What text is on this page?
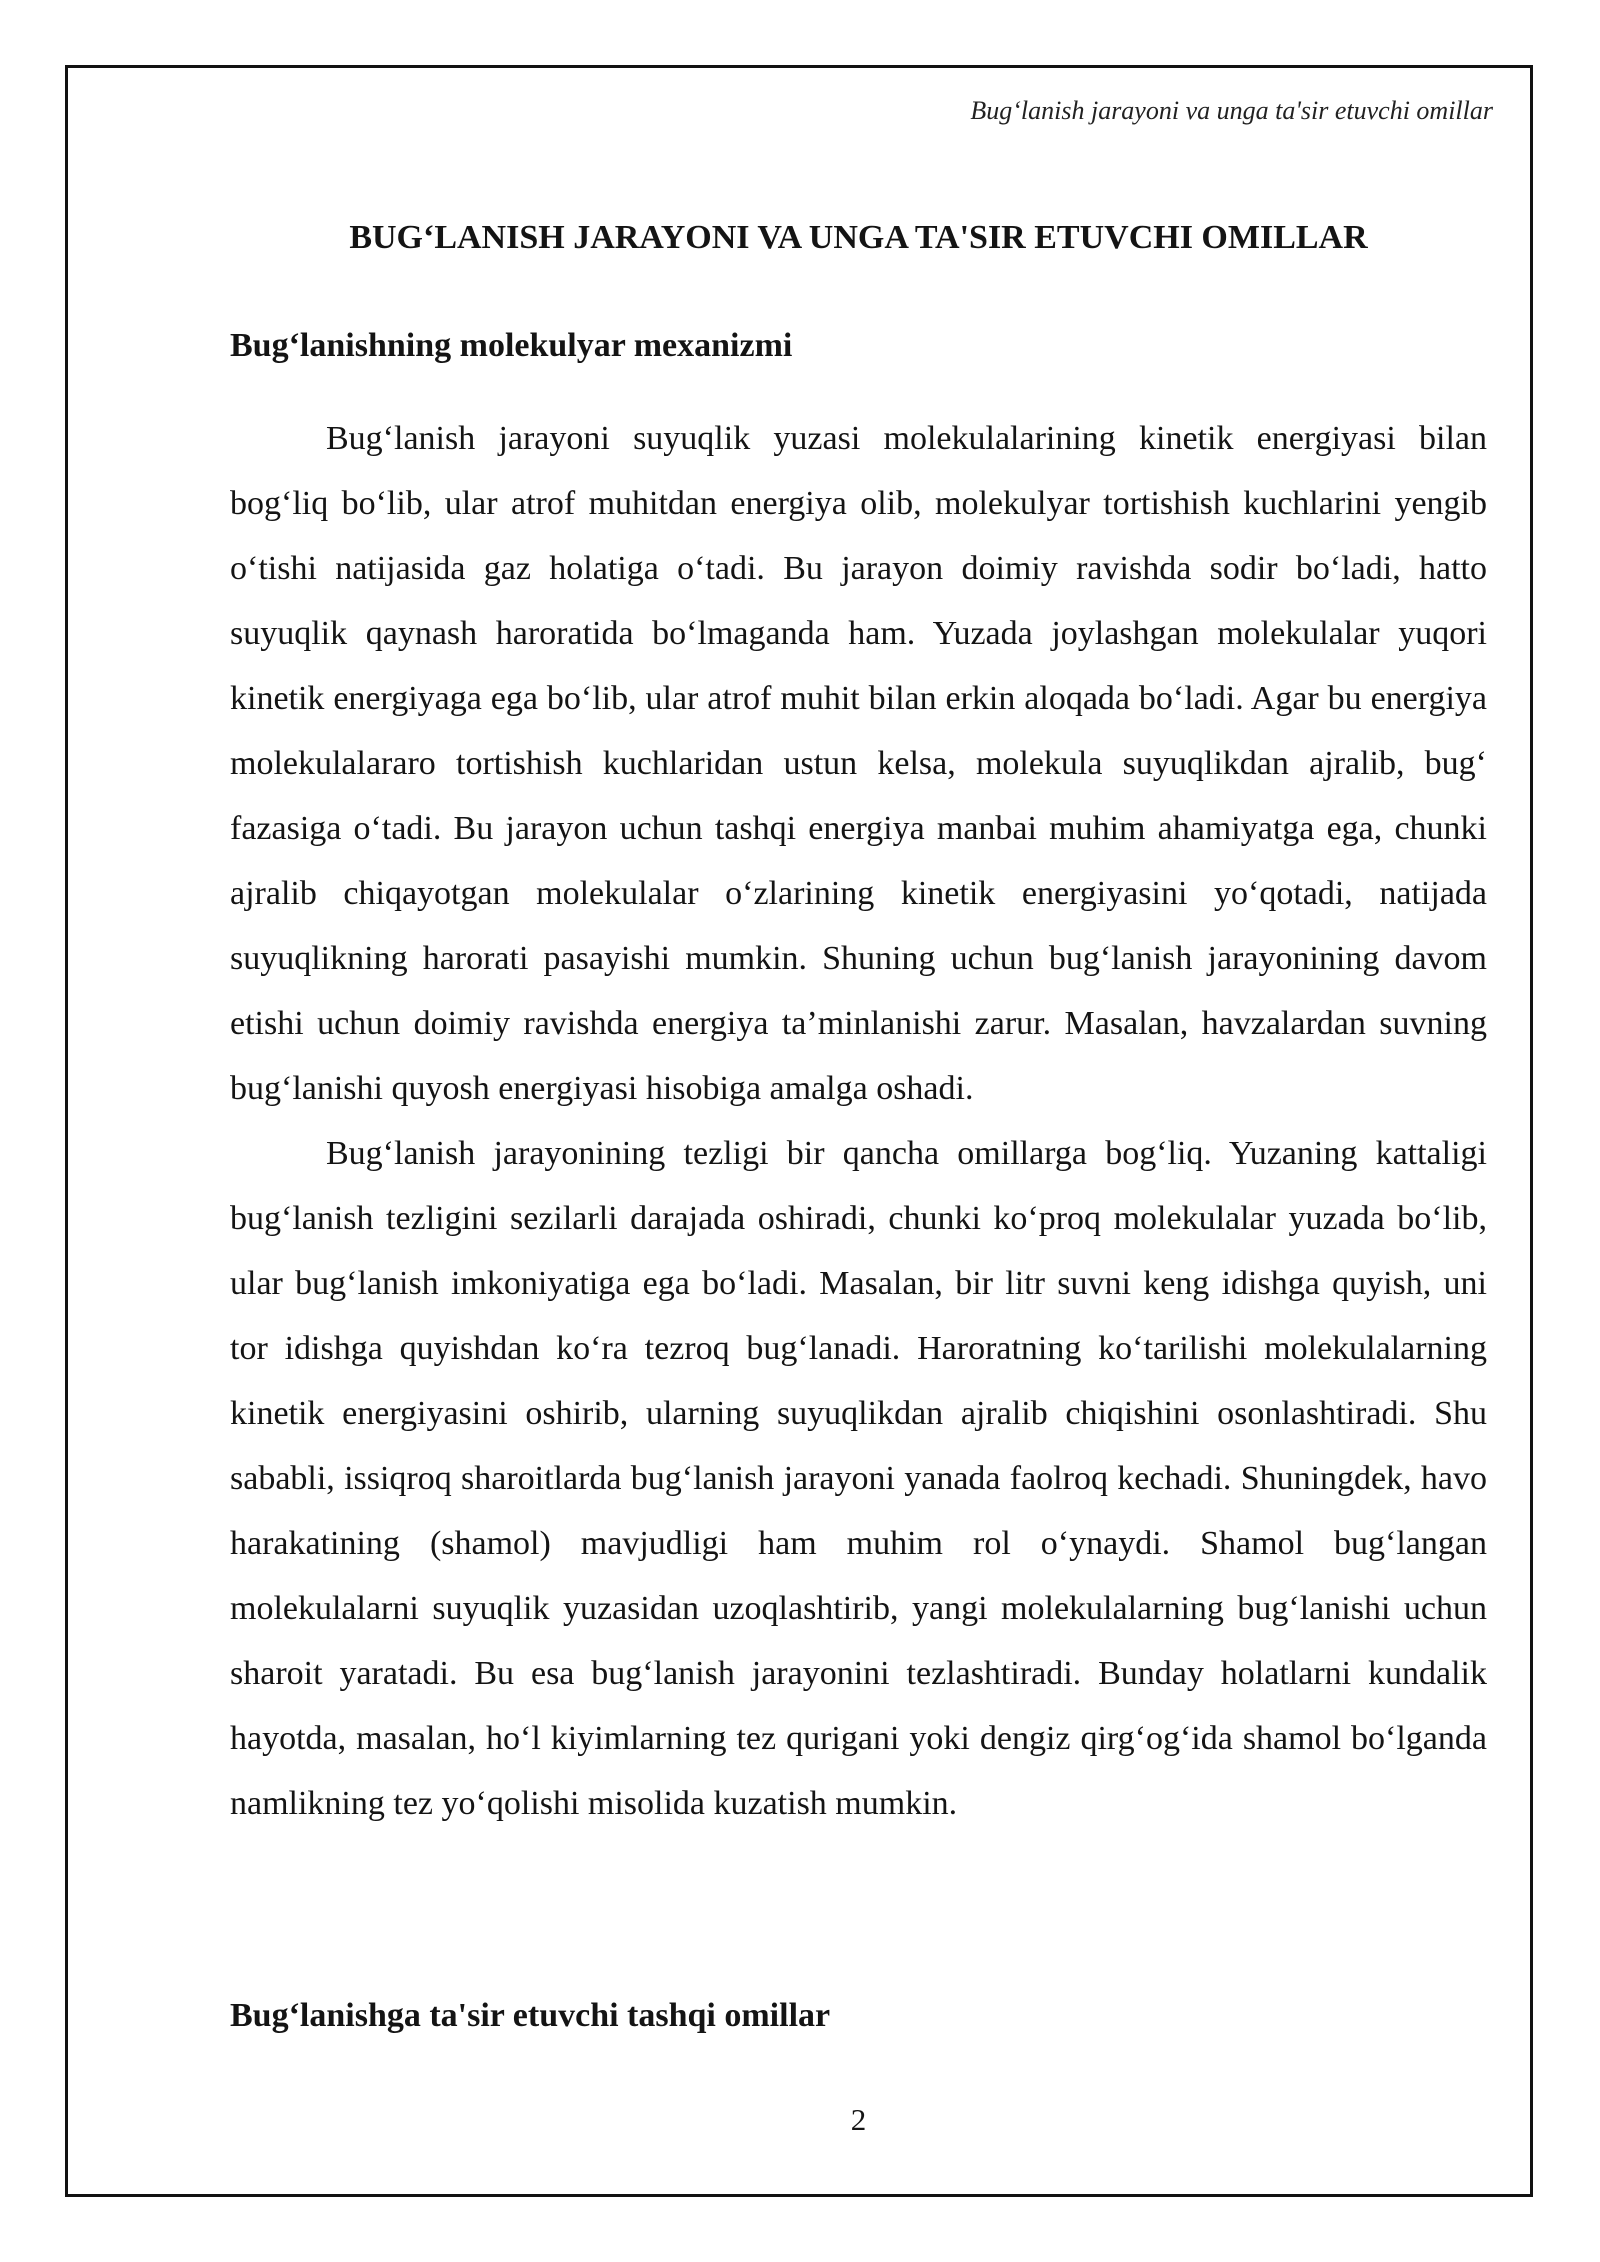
Bug‘lanish jarayoni va unga ta'sir etuvchi omillar
BUG‘LANISH JARAYONI VA UNGA TA'SIR ETUVCHI OMILLAR
Bug‘lanishning molekulyar mexanizmi

Bug‘lanish jarayoni suyuqlik yuzasi molekulalarining kinetik energiyasi bilan bog‘liq bo‘lib, ular atrof muhitdan energiya olib, molekulyar tortishish kuchlarini yengib o‘tishi natijasida gaz holatiga o‘tadi. Bu jarayon doimiy ravishda sodir bo‘ladi, hatto suyuqlik qaynash haroratida bo‘lmaganda ham. Yuzada joylashgan molekulalar yuqori kinetik energiyaga ega bo‘lib, ular atrof muhit bilan erkin aloqada bo‘ladi. Agar bu energiya molekulalararo tortishish kuchlaridan ustun kelsa, molekula suyuqlikdan ajralib, bug‘ fazasiga o‘tadi. Bu jarayon uchun tashqi energiya manbai muhim ahamiyatga ega, chunki ajralib chiqayotgan molekulalar o‘zlarining kinetik energiyasini yo‘qotadi, natijada suyuqlikning harorati pasayishi mumkin. Shuning uchun bug‘lanish jarayonining davom etishi uchun doimiy ravishda energiya ta’minlanishi zarur. Masalan, havzalardan suvning bug‘lanishi quyosh energiyasi hisobiga amalga oshadi.

Bug‘lanish jarayonining tezligi bir qancha omillarga bog‘liq. Yuzaning kattaligi bug‘lanish tezligini sezilarli darajada oshiradi, chunki ko‘proq molekulalar yuzada bo‘lib, ular bug‘lanish imkoniyatiga ega bo‘ladi. Masalan, bir litr suvni keng idishga quyish, uni tor idishga quyishdan ko‘ra tezroq bug‘lanadi. Haroratning ko‘tarilishi molekulalarning kinetik energiyasini oshirib, ularning suyuqlikdan ajralib chiqishini osonlashtiradi. Shu sababli, issiqroq sharoitlarda bug‘lanish jarayoni yanada faolroq kechadi. Shuningdek, havo harakatining (shamol) mavjudligi ham muhim rol o‘ynaydi. Shamol bug‘langan molekulalarni suyuqlik yuzasidan uzoqlashtirib, yangi molekulalarning bug‘lanishi uchun sharoit yaratadi. Bu esa bug‘lanish jarayonini tezlashtiradi. Bunday holatlarni kundalik hayotda, masalan, ho‘l kiyimlarning tez qurigani yoki dengiz qirg‘og‘ida shamol bo‘lganda namlikning tez yo‘qolishi misolida kuzatish mumkin.

Bug‘lanishga ta'sir etuvchi tashqi omillar
2
